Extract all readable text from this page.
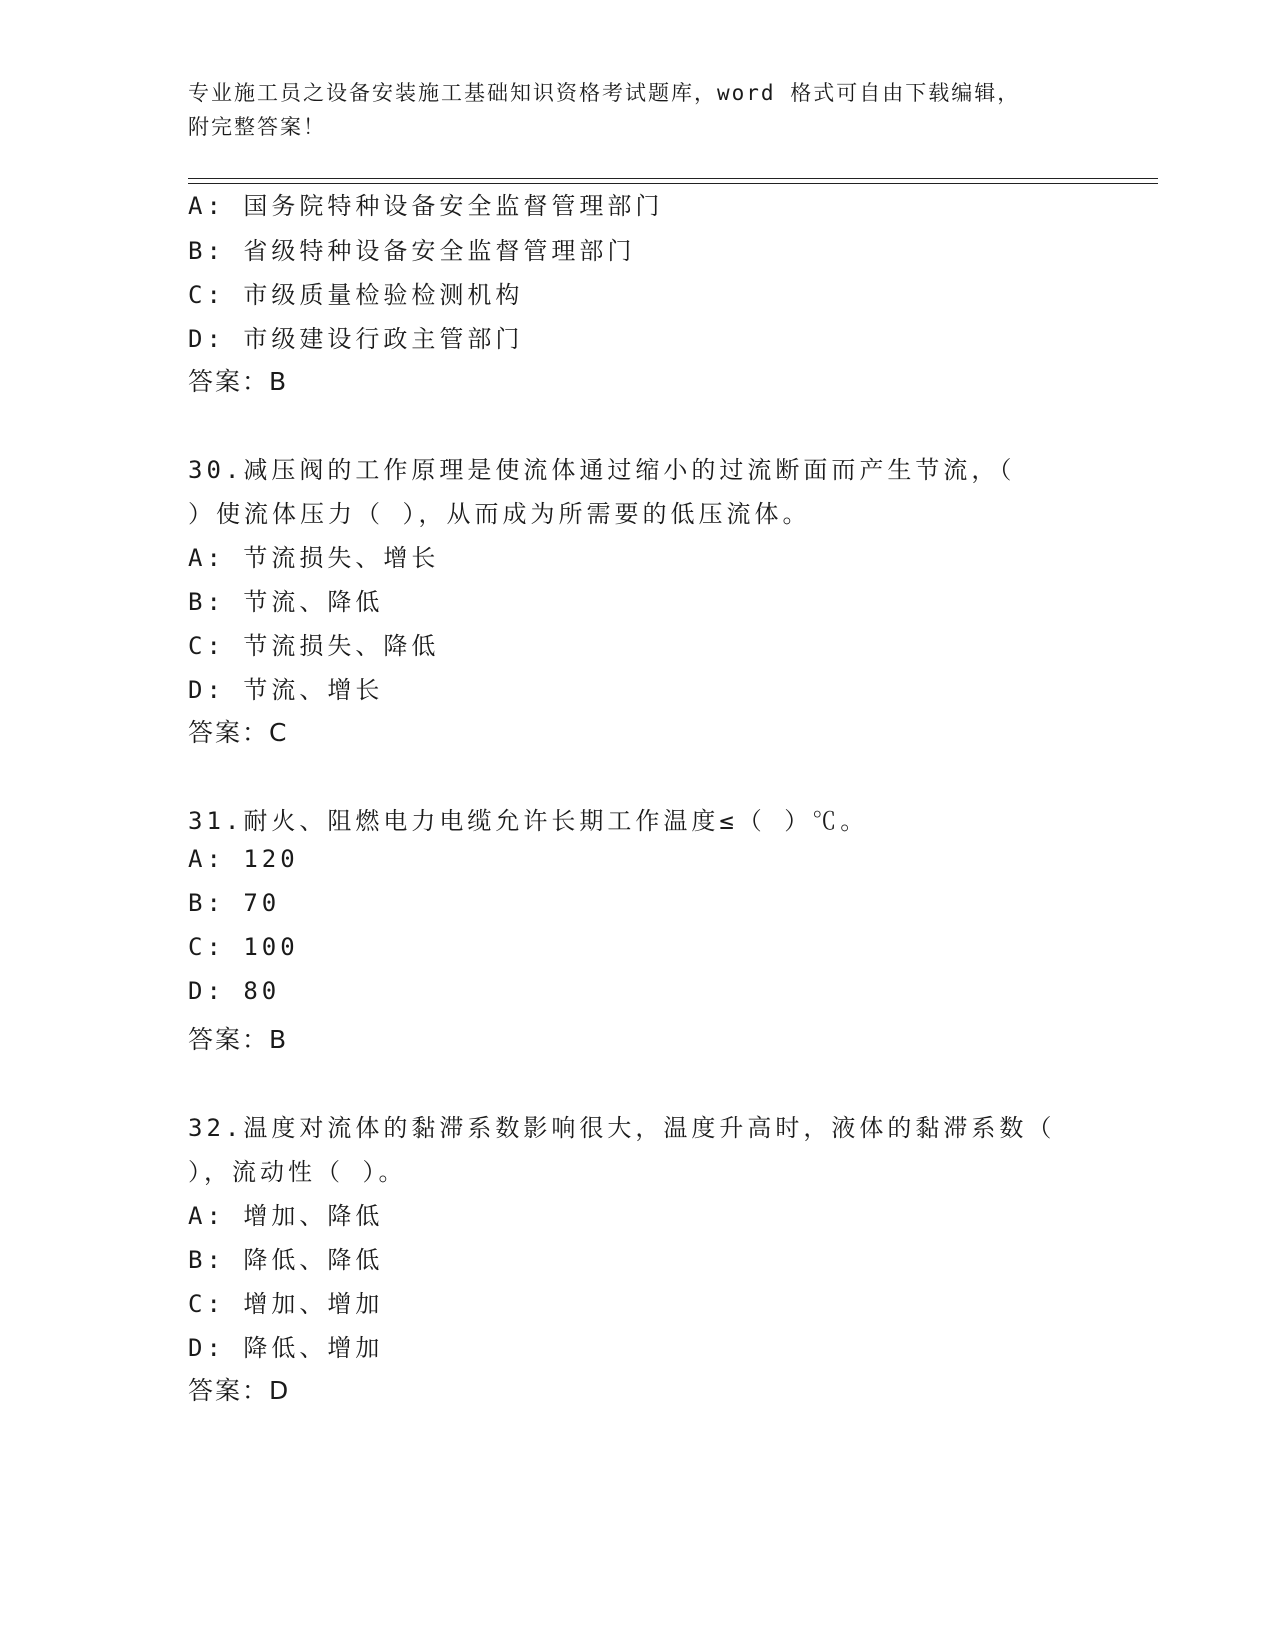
专业施工员之设备安装施工基础知识资格考试题库，word 格式可自由下载编辑，
附完整答案！
A: 国务院特种设备安全监督管理部门
B: 省级特种设备安全监督管理部门
C: 市级质量检验检测机构
D: 市级建设行政主管部门
答案：B
30.减压阀的工作原理是使流体通过缩小的过流断面而产生节流，（
）使流体压力（ ），从而成为所需要的低压流体。
A: 节流损失、增长
B: 节流、降低
C: 节流损失、降低
D: 节流、增长
答案：C
31.耐火、阻燃电力电缆允许长期工作温度≤（ ）℃。
A: 120
B: 70
C: 100
D: 80
答案：B
32.温度对流体的黏滞系数影响很大，温度升高时，液体的黏滞系数（
），流动性（ ）。
A: 增加、降低
B: 降低、降低
C: 增加、增加
D: 降低、增加
答案：D
